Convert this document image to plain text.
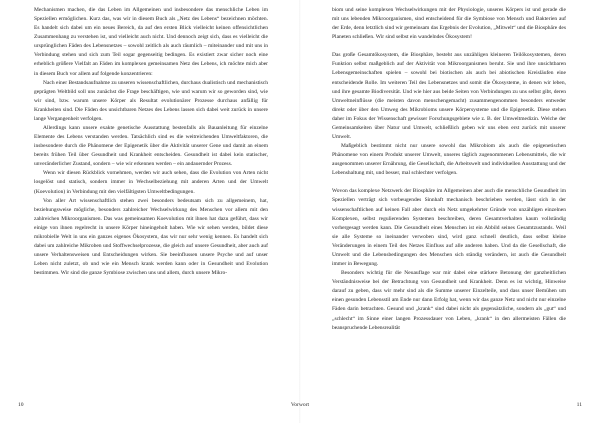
Mechanismen machen, die das Leben im Allgemeinen und insbesondere das menschliche Leben im Speziellen ermöglichen. Kurz das, was wir in diesem Buch als „Netz des Lebens“ bezeichnen möchten. Es handelt sich dabei um ein neues Bereich, da auf den ersten Blick vielleicht keinen offensichtlichen Zusammenhang zu verstehen ist, und vielleicht auch nicht. Und dennoch zeigt sich, dass es vielleicht die ursprünglichen Fäden des Lebensnetzes – sowohl zeitlich als auch räumlich – miteinander und mit uns in Verbindung stehen und sich zum Teil sogar gegenseitig bedingen. Es existiert zwar sicher noch eine erheblich größere Vielfalt an Fäden im komplexen gemeinsamen Netz des Lebens, ich möchte mich aber in diesem Buch vor allem auf folgende konzentrieren:

Nach einer Bestandsaufnahme zu unseren wissenschaftlichen, durchaus dualistisch und mechanistisch geprägten Weltbild soll uns zunächst die Frage beschäftigen, wie und warum wir so geworden sind, wie wir sind, bzw. warum unsere Körper als Resultat evolutionärer Prozesse durchaus anfällig für Krankheiten sind. Die Fäden des unsichtbaren Netzes des Lebens lassen sich dabei weit zurück in unsere lange Vergangenheit verfolgen.

Allerdings kann unsere exakte genetische Ausstattung bestenfalls als Bauanleitung für einzelne Elemente des Lebens verstanden werden. Tatsächlich sind es die weitreichenden Umweltfaktoren, die insbesondere durch die Phänomene der Epigenetik über die Aktivität unserer Gene und damit an einem bereits frühen Teil über Gesundheit und Krankheit entscheiden. Gesundheit ist dabei kein statischer, unveränderlicher Zustand, sondern – wie wir erkennen werden – ein andauernder Prozess.

Wenn wir diesen Rückblick vornehmen, werden wir auch sehen, dass die Evolution von Arten nicht losgelöst und statisch, sondern immer in Wechselbeziehung mit anderen Arten und der Umwelt (Koevolution) in Verbindung mit den vielfältigsten Umweltbedingungen.

Von aller Art wissenschaftlich stehen zwei besonders bedeutsam sich zu allgemeinem, hat, beziehungsweise mögliche, besonders zahlreicher Wechselwirkung des Menschen vor allem mit den zahlreichen Mikroorganismen. Das was gemeinsamen Koevolution mit ihnen hat dazu geführt, dass wir einige von ihnen regelrecht in unsere Körper hineingeholt haben. Wie wir sehen werden, bildet diese mikrobielle Welt in uns ein ganzes eigenes Ökosystem, das wir nur sehr wenig kennen. Es handelt sich dabei um zahlreiche Mikroben und Stoffwechselprozesse, die gleich auf unsere Gesundheit, aber auch auf unsere Verhaltensweisen und Entscheidungen wirken. Sie beeinflussen unsere Psyche und auf unser Leben nicht zuletzt, ob und wie ein Mensch krank werden kann oder in Gesundheit und Evolution bestimmen. Wir sind die ganze Symbiose zwischen uns und allem, durch unsere Mikro-

10

biom und seine komplexen Wechselwirkungen mit der Physiologie, unseres Körpers ist und gerade die mit uns lebenden Mikroorganismen, sind entscheidend für die Symbiose von Mensch und Bakterien auf der Erde, denn letztlich sind wir gemeinsam das Ergebnis der Evolution, „Mitwelt“ und die Biosphäre des Planeten schließen. Wir sind selbst ein wandelndes Ökosystem!

Das große Gesamtökosystem, die Biosphäre, besteht aus unzähligen kleineren Teilökosystemen, deren Funktion selbst maßgeblich auf der Aktivität von Mikroorganismen beruht. Sie und ihre unsichtbaren Lebensgemeinschaften spielen – sowohl bei biotischen als auch bei abiotischen Kreisläufen eine entscheidende Rolle. Im weiteren Teil des Lebensnetzes und somit die Ökosysteme, in denen wir leben, und ihre gesamte Biodiversität. Und wie hier aus beide Seiten von Verbindungen zu uns selbst gibt, deren Umweltneinflüsse (die meisten davon menschengemacht) zusammengenommen besonders entweder direkt oder über den Umweg des Mikrobioms unsere Körpersysteme und die Epigenetik. Diese stehen daher im Fokus der Wissenschaft gewisser Forschungsgebiete wie z. B. der Umweltmedizin. Welche der Gemeinsamkeiten über Natur und Umwelt, schließlich geben wir uns eben erst zurück mit unserer Umwelt.

Maßgeblich bestimmt nicht nur unsere sowohl das Mikrobiom als auch die epigenetischen Phänomene von einem Produkt unserer Umwelt, unseres täglich zugenommenen Lebensmittels, die wir ausgenommen unserer Ernährung, die Gesellschaft, die Arbeitswelt und individuellen Ausstattung und der Lebenshaltung mit, und besser, mal schlechter verfolgen.

Wovon das komplexe Netzwerk der Biosphäre im Allgemeinen aber auch die menschliche Gesundheit im Speziellen verträgt sich vorbeugendes Sinnhaft mechanisch beschrieben werden, lässt sich in der wissenschaftlichen auf keinen Fall aber durch ein Netz umgekehrter Gründe von unzähligen einzelnen Komplexen, selbst regulierenden Systemen beschreiben, deren Gesamtverhalten kaum vollständig vorhergesagt werden kann. Die Gesundheit eines Menschen ist ein Abbild seines Gesamtzustands. Weil sie alle Systeme so ineinander verwoben sind, wird ganz schnell deutlich, dass selbst kleine Veränderungen in einem Teil des Netzes Einfluss auf alle anderen haben. Und da die Gesellschaft, die Umwelt und die Lebensbedingungen des Menschen sich ständig verändern, ist auch die Gesundheit immer in Bewegung.

Besonders wichtig für die Neuauflage war mir dabei eine stärkere Betonung der ganzheitlichen Verständnisweise bei der Betrachtung von Gesundheit und Krankheit. Denn es ist wichtig, Hinweise darauf zu geben, dass wir mehr sind als die Summe unserer Einzelteile, und dass unser Bemühen um einen gesunden Lebensstil am Ende nur dann Erfolg hat, wenn wir das ganze Netz und nicht nur einzelne Fäden darin betrachten. Gesund und „krank“ sind dabei nicht als gegensätzliche, sondern als „gut“ und „schlecht“ im Sinne einer langen Prozessdauer von Leben, „krank“ in den allermeisten Fällen die beanspruchende Lebensrealität

11
Vorwort
